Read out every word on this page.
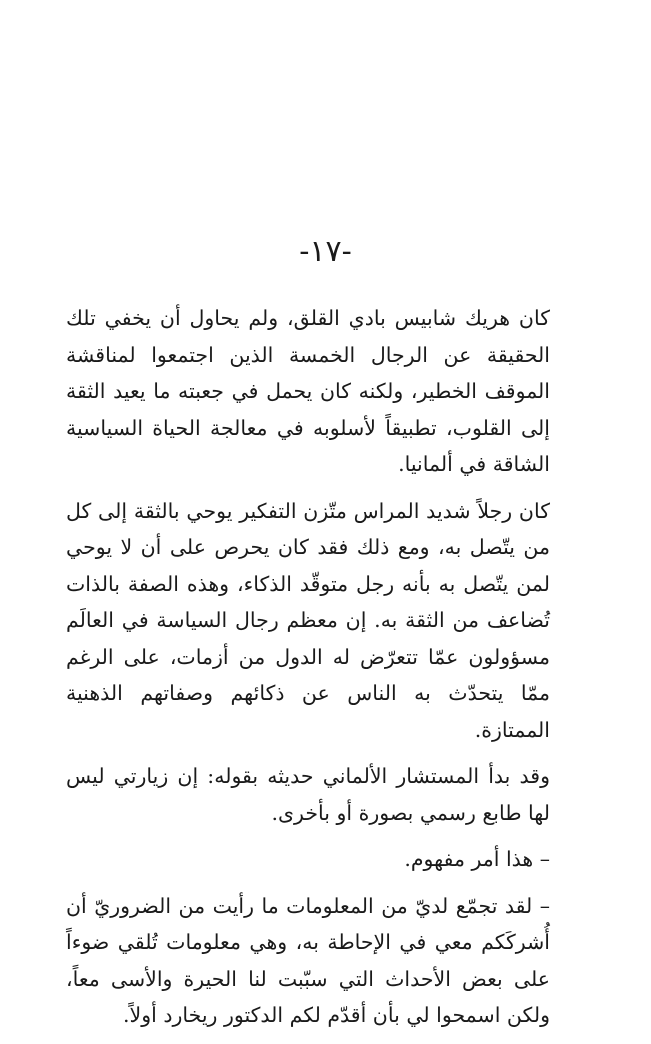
-١٧-

كان هريك شابيس بادي القلق، ولم يحاول أن يخفي تلك الحقيقة عن الرجال الخمسة الذين اجتمعوا لمناقشة الموقف الخطير، ولكنه كان يحمل في جعبته ما يعيد الثقة إلى القلوب، تطبيقاً لأسلوبه في معالجة الحياة السياسية الشاقة في ألمانيا.

كان رجلاً شديد المراس متّزن التفكير يوحي بالثقة إلى كل من يتّصل به، ومع ذلك فقد كان يحرص على أن لا يوحي لمن يتّصل به بأنه رجل متوقّد الذكاء، وهذه الصفة بالذات تُضاعف من الثقة به. إن معظم رجال السياسة في العالَم مسؤولون عمّا تتعرّض له الدول من أزمات، على الرغم ممّا يتحدّث به الناس عن ذكائهم وصفاتهم الذهنية الممتازة.

وقد بدأ المستشار الألماني حديثه بقوله: إن زيارتي ليس لها طابع رسمي بصورة أو بأخرى.

– هذا أمر مفهوم.

– لقد تجمّع لديّ من المعلومات ما رأيت من الضروريّ أن أُشركَكم معي في الإحاطة به، وهي معلومات تُلقي ضوءاً على بعض الأحداث التي سبّبت لنا الحيرة والأسى معاً، ولكن اسمحوا لي بأن أقدّم لكم الدكتور ريخارد أولاً.
